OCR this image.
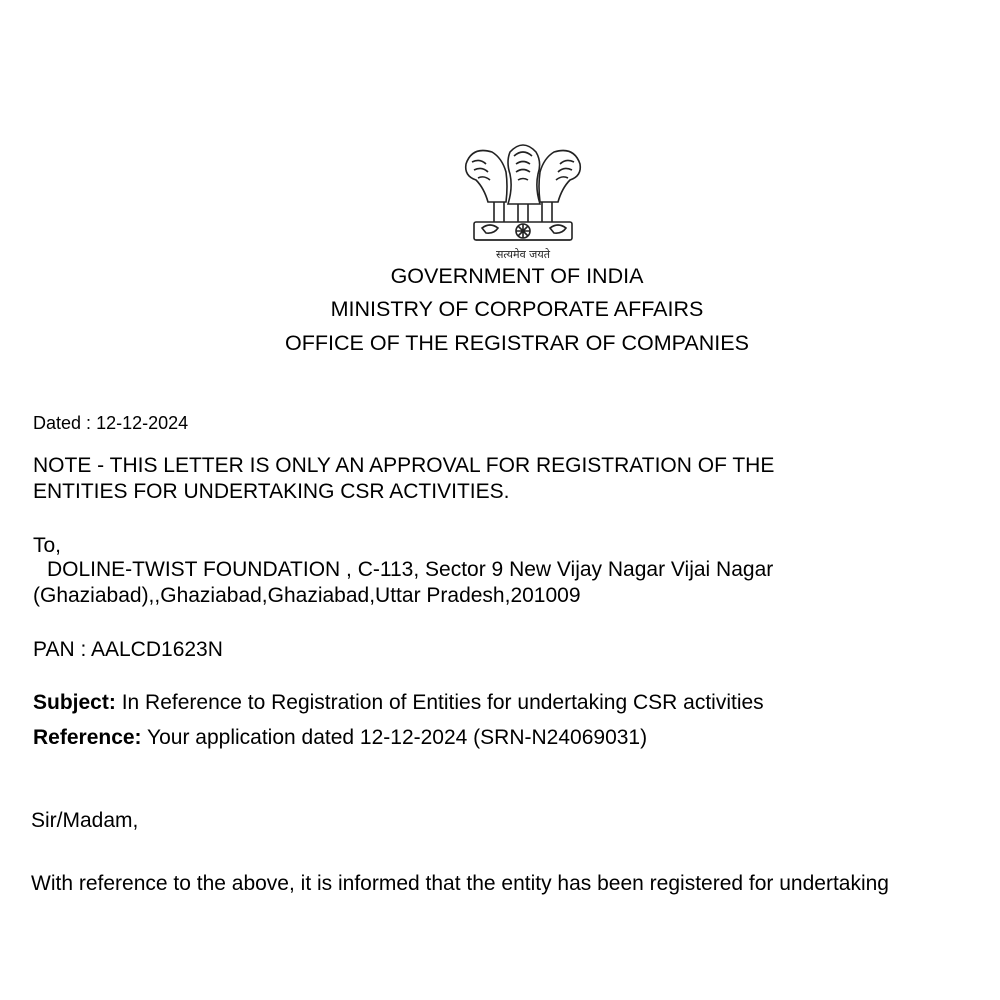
सत्यमेव जयते
GOVERNMENT OF INDIA
MINISTRY OF CORPORATE AFFAIRS
OFFICE OF THE REGISTRAR OF COMPANIES
Dated : 12-12-2024
NOTE - THIS LETTER IS ONLY AN APPROVAL FOR REGISTRATION OF THE
ENTITIES FOR UNDERTAKING CSR ACTIVITIES.
To,
DOLINE-TWIST FOUNDATION , C-113, Sector 9 New Vijay Nagar Vijai Nagar
(Ghaziabad),,Ghaziabad,Ghaziabad,Uttar Pradesh,201009
PAN : AALCD1623N
Subject: In Reference to Registration of Entities for undertaking CSR activities
Reference: Your application dated 12-12-2024 (SRN-N24069031)
Sir/Madam,
With reference to the above, it is informed that the entity has been registered for undertaking
